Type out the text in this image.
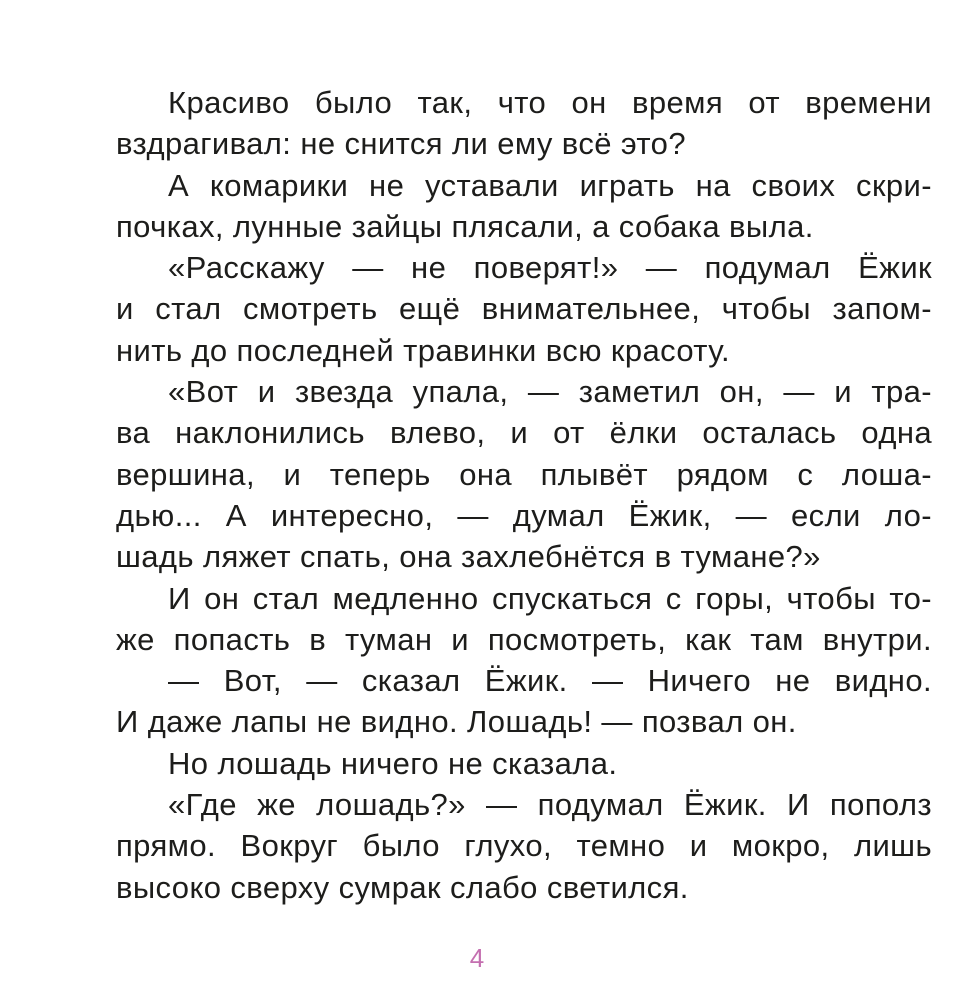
Красиво было так, что он время от времени
вздрагивал: не снится ли ему всё это?
А комарики не уставали играть на своих скри-
почках, лунные зайцы плясали, а собака выла.
«Расскажу — не поверят!» — подумал Ёжик
и стал смотреть ещё внимательнее, чтобы запом-
нить до последней травинки всю красоту.
«Вот и звезда упала, — заметил он, — и тра-
ва наклонились влево, и от ёлки осталась одна
вершина, и теперь она плывёт рядом с лоша-
дью... А интересно, — думал Ёжик, — если ло-
шадь ляжет спать, она захлебнётся в тумане?»
И он стал медленно спускаться с горы, чтобы то-
же попасть в туман и посмотреть, как там внутри.
— Вот, — сказал Ёжик. — Ничего не видно.
И даже лапы не видно. Лошадь! — позвал он.
Но лошадь ничего не сказала.
«Где же лошадь?» — подумал Ёжик. И пополз
прямо. Вокруг было глухо, темно и мокро, лишь
высоко сверху сумрак слабо светился.
4
